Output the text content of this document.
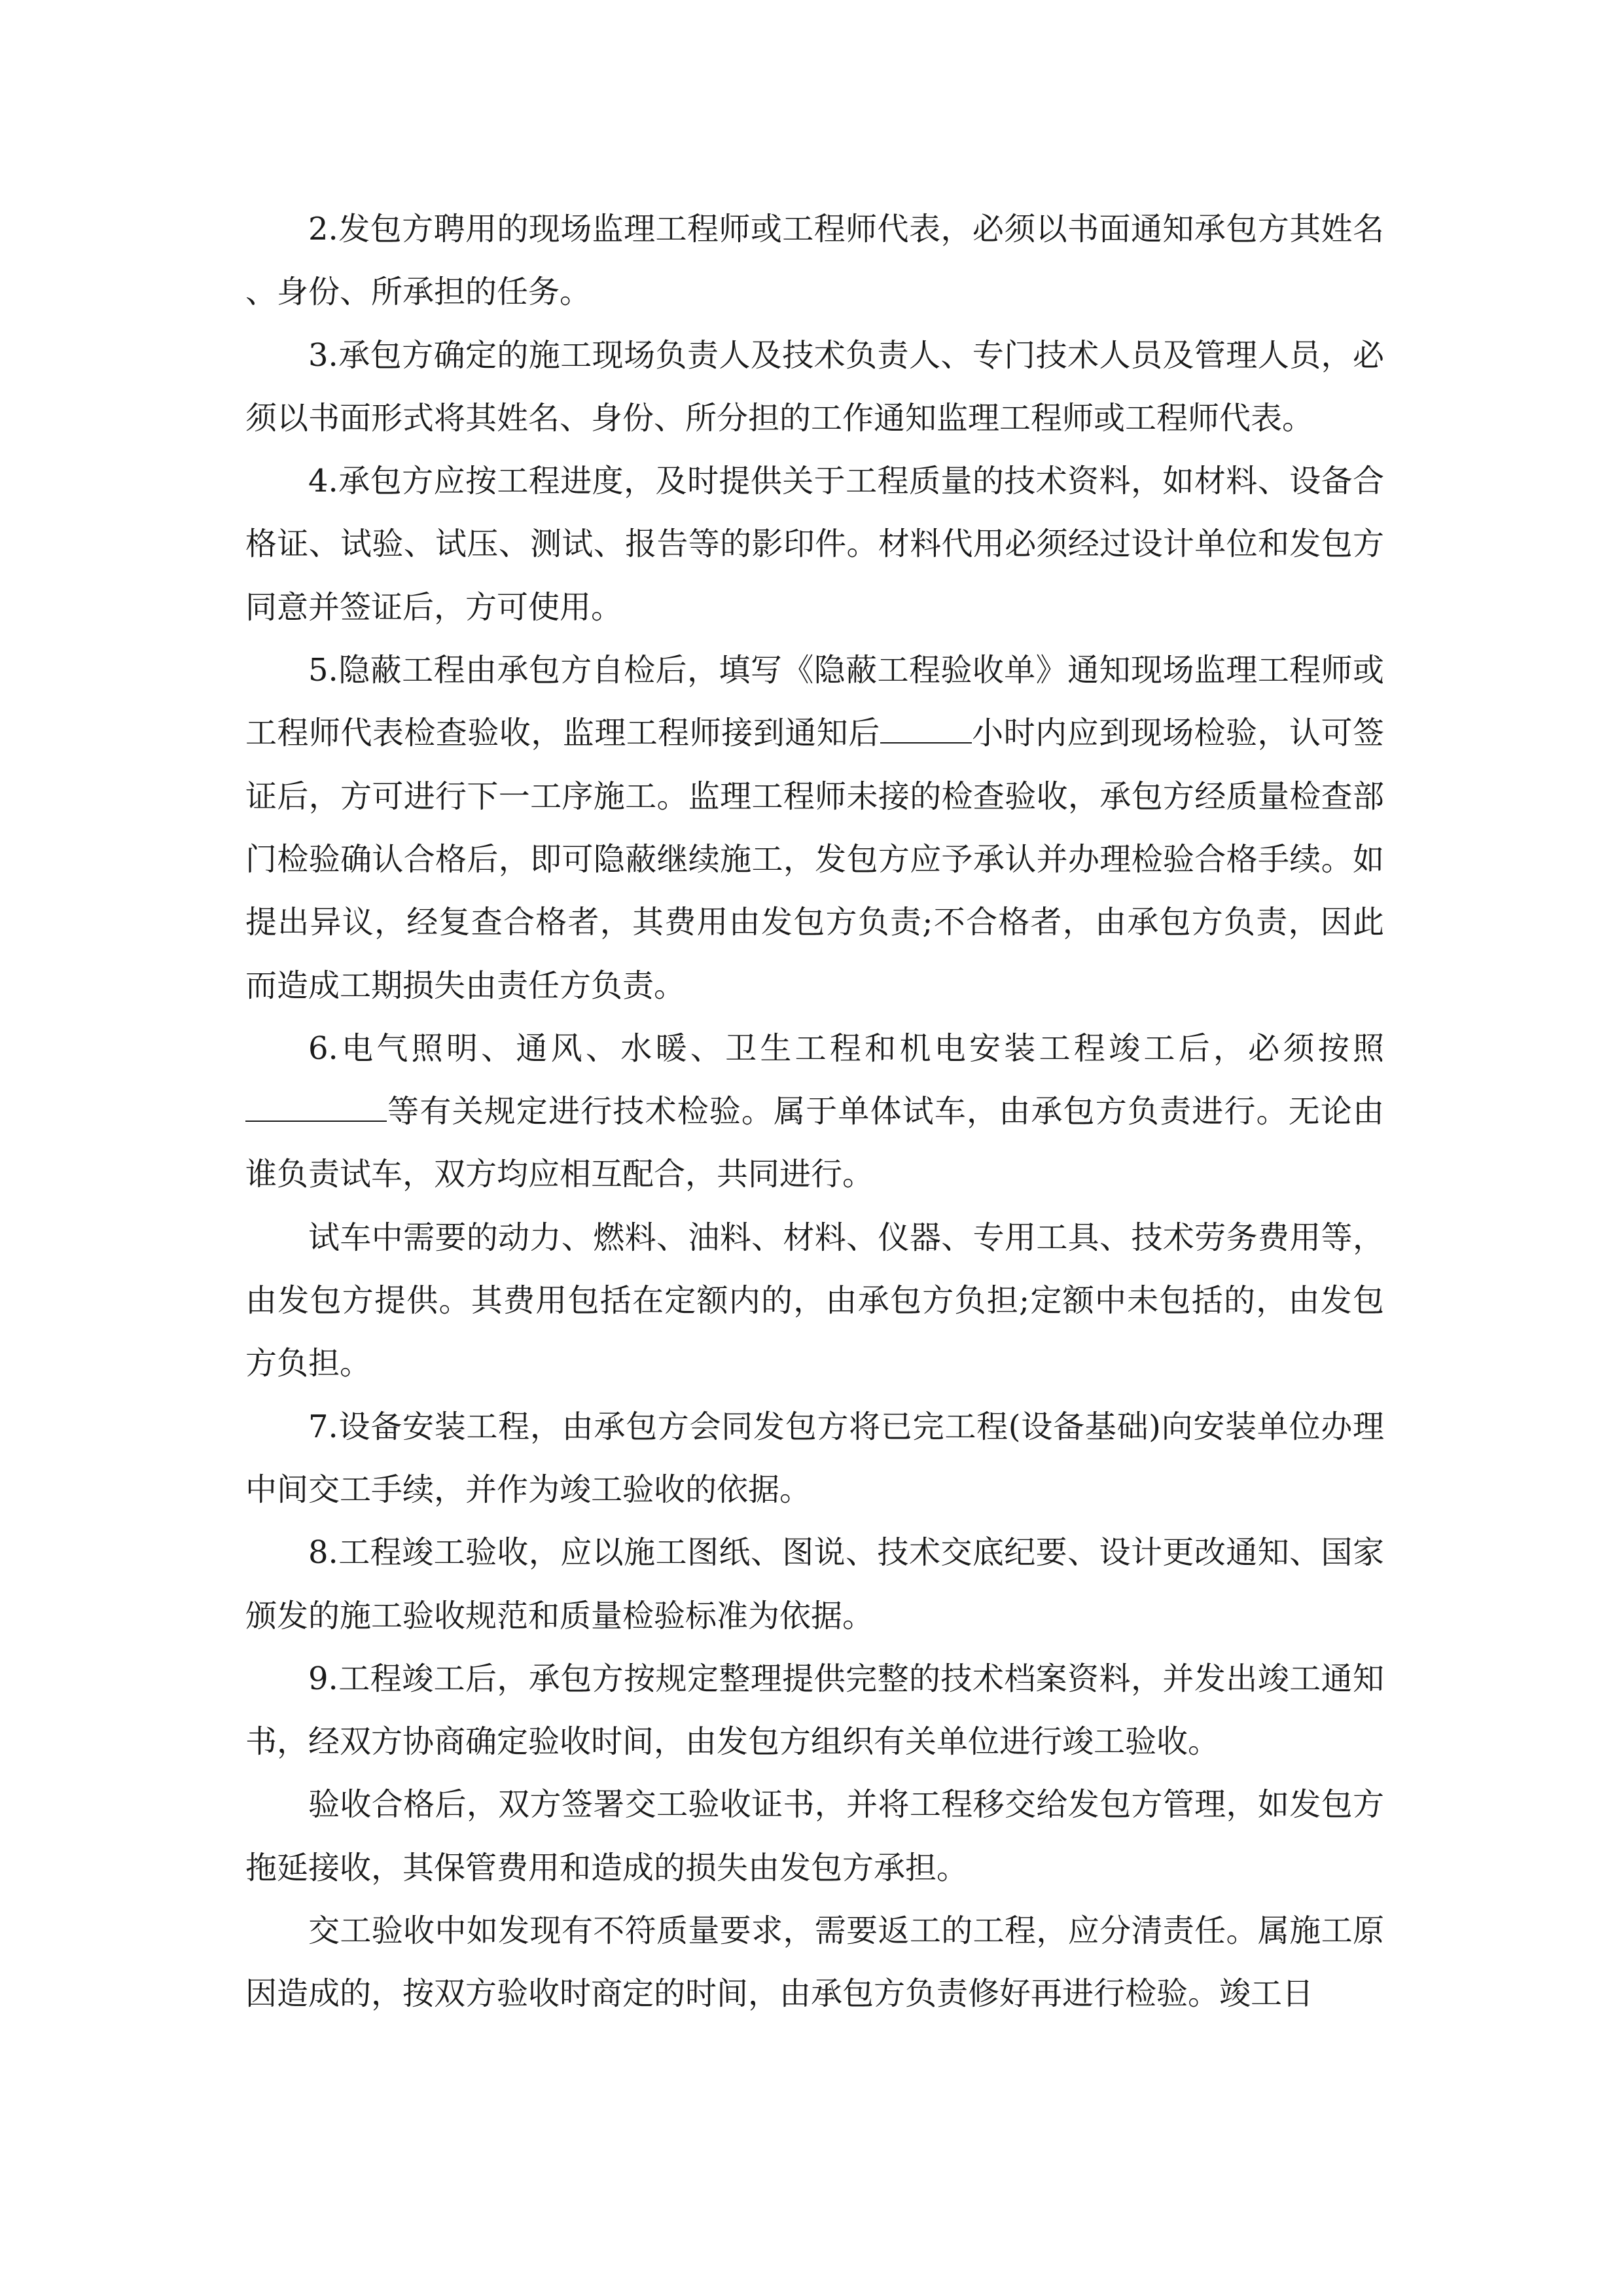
2.发包方聘用的现场监理工程师或工程师代表，必须以书面通知承包方其姓名、身份、所承担的任务。

3.承包方确定的施工现场负责人及技术负责人、专门技术人员及管理人员，必须以书面形式将其姓名、身份、所分担的工作通知监理工程师或工程师代表。

4.承包方应按工程进度，及时提供关于工程质量的技术资料，如材料、设备合格证、试验、试压、测试、报告等的影印件。材料代用必须经过设计单位和发包方同意并签证后，方可使用。

5.隐蔽工程由承包方自检后，填写《隐蔽工程验收单》通知现场监理工程师或工程师代表检查验收，监理工程师接到通知后	小时内应到现场检验，认可签证后，方可进行下一工序施工。监理工程师未接的检查验收，承包方经质量检查部门检验确认合格后，即可隐蔽继续施工，发包方应予承认并办理检验合格手续。如提出异议，经复查合格者，其费用由发包方负责;不合格者，由承包方负责，因此而造成工期损失由责任方负责。

6.电气照明、通风、水暖、卫生工程和机电安装工程竣工后，必须按照等有关规定进行技术检验。属于单体试车，由承包方负责进行。无论由谁负责试车，双方均应相互配合，共同进行。

试车中需要的动力、燃料、油料、材料、仪器、专用工具、技术劳务费用等，由发包方提供。其费用包括在定额内的，由承包方负担;定额中未包括的，由发包方负担。

7.设备安装工程，由承包方会同发包方将已完工程(设备基础)向安装单位办理中间交工手续，并作为竣工验收的依据。

8.工程竣工验收，应以施工图纸、图说、技术交底纪要、设计更改通知、国家颁发的施工验收规范和质量检验标准为依据。

9.工程竣工后，承包方按规定整理提供完整的技术档案资料，并发出竣工通知书，经双方协商确定验收时间，由发包方组织有关单位进行竣工验收。

验收合格后，双方签署交工验收证书，并将工程移交给发包方管理，如发包方拖延接收，其保管费用和造成的损失由发包方承担。

交工验收中如发现有不符质量要求，需要返工的工程，应分清责任。属施工原因造成的，按双方验收时商定的时间，由承包方负责修好再进行检验。竣工日
